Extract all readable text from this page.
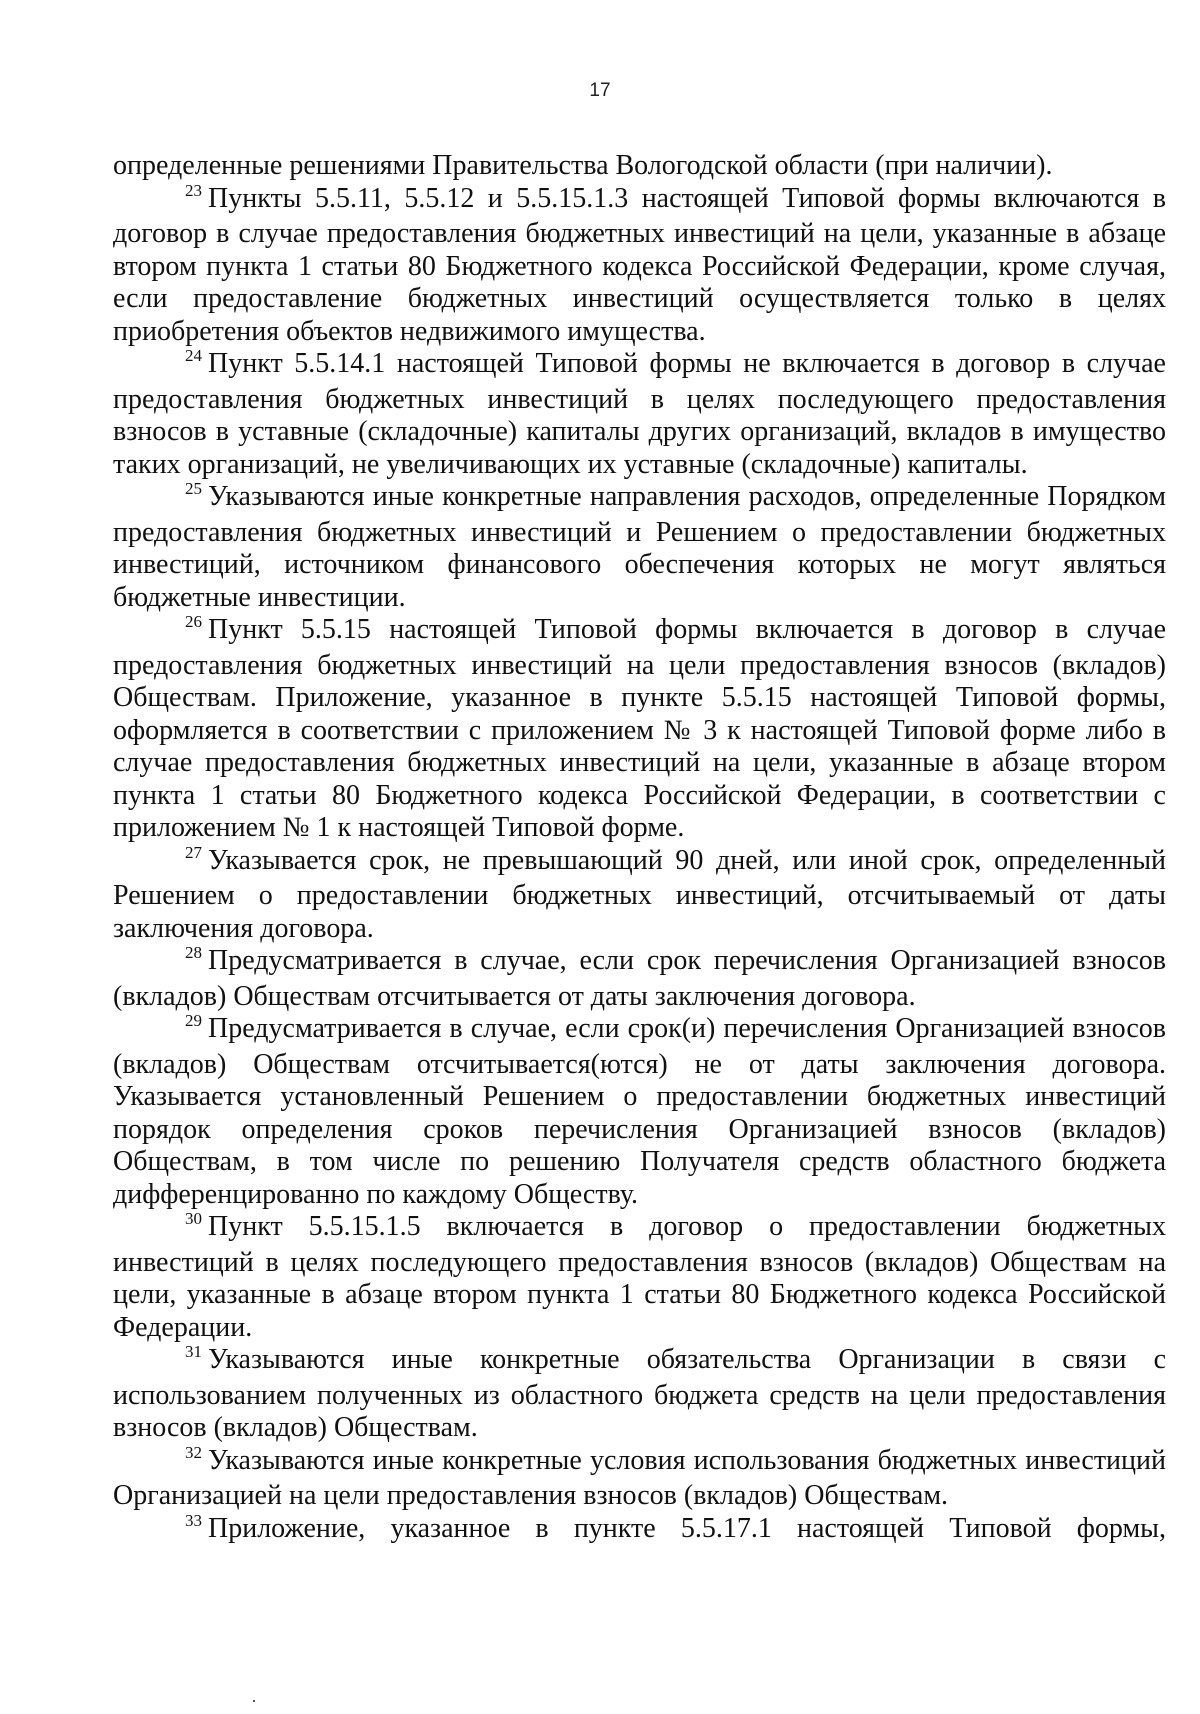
17

определенные решениями Правительства Вологодской области (при наличии).

$^{23}$ Пункты 5.5.11, 5.5.12 и 5.5.15.1.3 настоящей Типовой формы включаются в договор в случае предоставления бюджетных инвестиций на цели, указанные в абзаце втором пункта 1 статьи 80 Бюджетного кодекса Российской Федерации, кроме случая, если предоставление бюджетных инвестиций осуществляется только в целях приобретения объектов недвижимого имущества.

$^{24}$ Пункт 5.5.14.1 настоящей Типовой формы не включается в договор в случае предоставления бюджетных инвестиций в целях последующего предоставления взносов в уставные (складочные) капиталы других организаций, вкладов в имущество таких организаций, не увеличивающих их уставные (складочные) капиталы.

$^{25}$ Указываются иные конкретные направления расходов, определенные Порядком предоставления бюджетных инвестиций и Решением о предоставлении бюджетных инвестиций, источником финансового обеспечения которых не могут являться бюджетные инвестиции.

$^{26}$ Пункт 5.5.15 настоящей Типовой формы включается в договор в случае предоставления бюджетных инвестиций на цели предоставления взносов (вкладов) Обществам. Приложение, указанное в пункте 5.5.15 настоящей Типовой формы, оформляется в соответствии с приложением № 3 к настоящей Типовой форме либо в случае предоставления бюджетных инвестиций на цели, указанные в абзаце втором пункта 1 статьи 80 Бюджетного кодекса Российской Федерации, в соответствии с приложением № 1 к настоящей Типовой форме.

$^{27}$ Указывается срок, не превышающий 90 дней, или иной срок, определенный Решением о предоставлении бюджетных инвестиций, отсчитываемый от даты заключения договора.

$^{28}$ Предусматривается в случае, если срок перечисления Организацией взносов (вкладов) Обществам отсчитывается от даты заключения договора.

$^{29}$ Предусматривается в случае, если срок(и) перечисления Организацией взносов (вкладов) Обществам отсчитывается(ются) не от даты заключения договора. Указывается установленный Решением о предоставлении бюджетных инвестиций порядок определения сроков перечисления Организацией взносов (вкладов) Обществам, в том числе по решению Получателя средств областного бюджета дифференцированно по каждому Обществу.

$^{30}$ Пункт 5.5.15.1.5 включается в договор о предоставлении бюджетных инвестиций в целях последующего предоставления взносов (вкладов) Обществам на цели, указанные в абзаце втором пункта 1 статьи 80 Бюджетного кодекса Российской Федерации.

$^{31}$ Указываются иные конкретные обязательства Организации в связи с использованием полученных из областного бюджета средств на цели предоставления взносов (вкладов) Обществам.

$^{32}$ Указываются иные конкретные условия использования бюджетных инвестиций Организацией на цели предоставления взносов (вкладов) Обществам.

$^{33}$ Приложение, указанное в пункте 5.5.17.1 настоящей Типовой формы,
